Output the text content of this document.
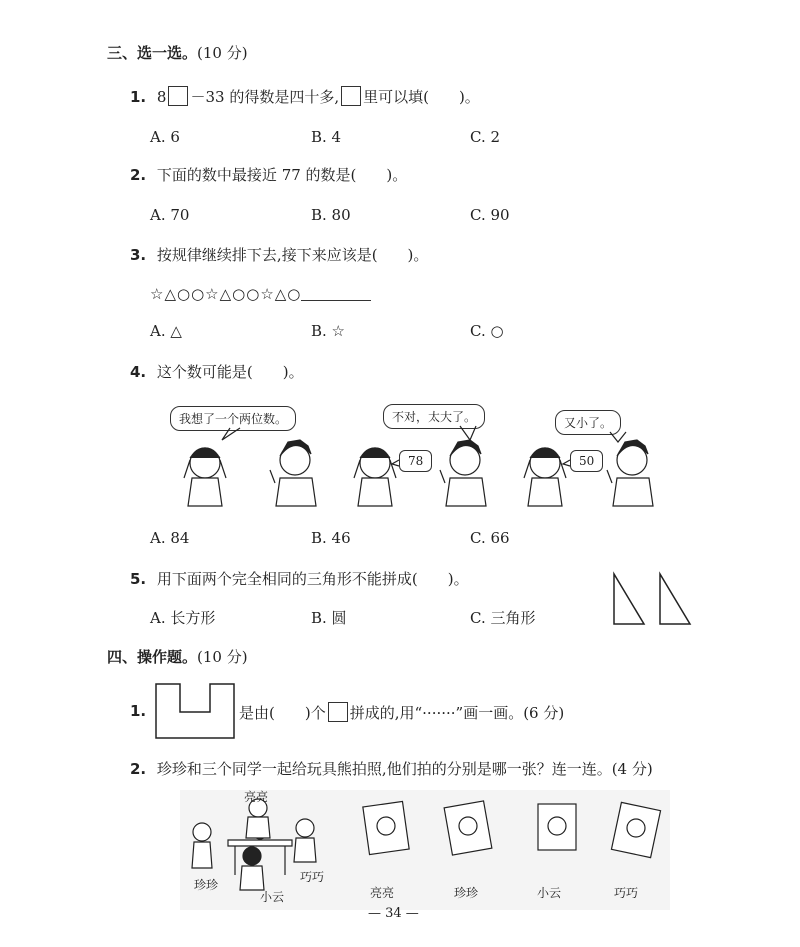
三、选一选。(10 分)
1. 8 －33 的得数是四十多, 里可以填(　　)。
A. 6	B. 4	C. 2
2. 下面的数中最接近 77 的数是(　　)。
A. 70	B. 80	C. 90
3. 按规律继续排下去,接下来应该是(　　)。
☆△○○☆△○○☆△○
A. △	B. ☆	C. ○
4. 这个数可能是(　　)。
我想了一个两位数。	不对，太大了。	又小了。
78	50
A. 84	B. 46	C. 66
5. 用下面两个完全相同的三角形不能拼成(　　)。
A. 长方形	B. 圆	C. 三角形
四、操作题。(10 分)
1.	是由(　　)个 拼成的,用“·······”画一画。(6 分)
2. 珍珍和三个同学一起给玩具熊拍照,他们拍的分别是哪一张？连一连。(4 分)
亮亮
珍珍
小云
巧巧
亮亮	珍珍	小云	巧巧
— 34 —
